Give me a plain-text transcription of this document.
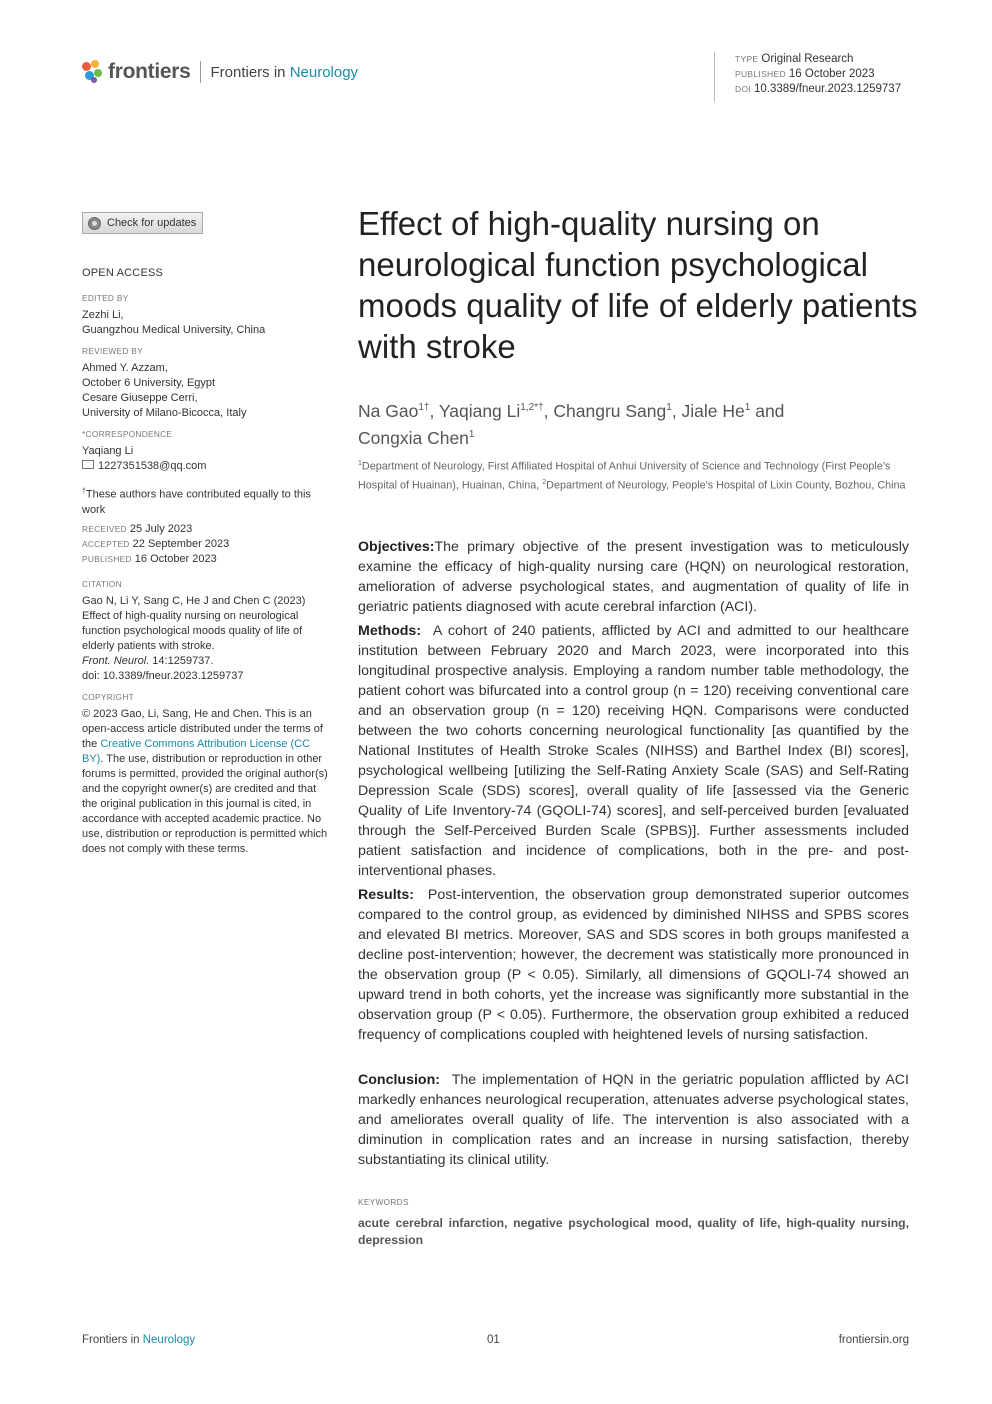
frontiers Frontiers in Neurology
TYPE Original Research
PUBLISHED 16 October 2023
DOI 10.3389/fneur.2023.1259737
Check for updates
OPEN ACCESS
EDITED BY
Zezhi Li,
Guangzhou Medical University, China
REVIEWED BY
Ahmed Y. Azzam,
October 6 University, Egypt
Cesare Giuseppe Cerri,
University of Milano-Bicocca, Italy
*CORRESPONDENCE
Yaqiang Li
1227351538@qq.com
†These authors have contributed equally to this work
RECEIVED 25 July 2023
ACCEPTED 22 September 2023
PUBLISHED 16 October 2023
CITATION
Gao N, Li Y, Sang C, He J and Chen C (2023) Effect of high-quality nursing on neurological function psychological moods quality of life of elderly patients with stroke.
Front. Neurol. 14:1259737.
doi: 10.3389/fneur.2023.1259737
COPYRIGHT
© 2023 Gao, Li, Sang, He and Chen. This is an open-access article distributed under the terms of the Creative Commons Attribution License (CC BY). The use, distribution or reproduction in other forums is permitted, provided the original author(s) and the copyright owner(s) are credited and that the original publication in this journal is cited, in accordance with accepted academic practice. No use, distribution or reproduction is permitted which does not comply with these terms.
Effect of high-quality nursing on neurological function psychological moods quality of life of elderly patients with stroke
Na Gao$^{1\dagger}$, Yaqiang $Li^{1,2*\dagger}$, Changru Sang$^1$, Jiale He$^1$ and
Congxia Chen$^1$
$^1$Department of Neurology, First Affiliated Hospital of Anhui University of Science and Technology (First People's Hospital of Huainan), Huainan, China, $^2$Department of Neurology, People's Hospital of Lixin County, Bozhou, China
Objectives:The primary objective of the present investigation was to meticulously examine the efficacy of high-quality nursing care (HQN) on neurological restoration, amelioration of adverse psychological states, and augmentation of quality of life in geriatric patients diagnosed with acute cerebral infarction (ACI).
Methods: A cohort of 240 patients, afflicted by ACI and admitted to our healthcare institution between February 2020 and March 2023, were incorporated into this longitudinal prospective analysis. Employing a random number table methodology, the patient cohort was bifurcated into a control group (n = 120) receiving conventional care and an observation group (n = 120) receiving HQN. Comparisons were conducted between the two cohorts concerning neurological functionality [as quantified by the National Institutes of Health Stroke Scales (NIHSS) and Barthel Index (BI) scores], psychological wellbeing [utilizing the Self-Rating Anxiety Scale (SAS) and Self-Rating Depression Scale (SDS) scores], overall quality of life [assessed via the Generic Quality of Life Inventory-74 (GQOLI-74) scores], and self-perceived burden [evaluated through the Self-Perceived Burden Scale (SPBS)]. Further assessments included patient satisfaction and incidence of complications, both in the pre- and post-interventional phases.
Results: Post-intervention, the observation group demonstrated superior outcomes compared to the control group, as evidenced by diminished NIHSS and SPBS scores and elevated BI metrics. Moreover, SAS and SDS scores in both groups manifested a decline post-intervention; however, the decrement was statistically more pronounced in the observation group (P < 0.05). Similarly, all dimensions of GQOLI-74 showed an upward trend in both cohorts, yet the increase was significantly more substantial in the observation group (P < 0.05). Furthermore, the observation group exhibited a reduced frequency of complications coupled with heightened levels of nursing satisfaction.
Conclusion: The implementation of HQN in the geriatric population afflicted by ACI markedly enhances neurological recuperation, attenuates adverse psychological states, and ameliorates overall quality of life. The intervention is also associated with a diminution in complication rates and an increase in nursing satisfaction, thereby substantiating its clinical utility.
KEYWORDS
acute cerebral infarction, negative psychological mood, quality of life, high-quality nursing, depression
Frontiers in Neurology	01	frontiersin.org
